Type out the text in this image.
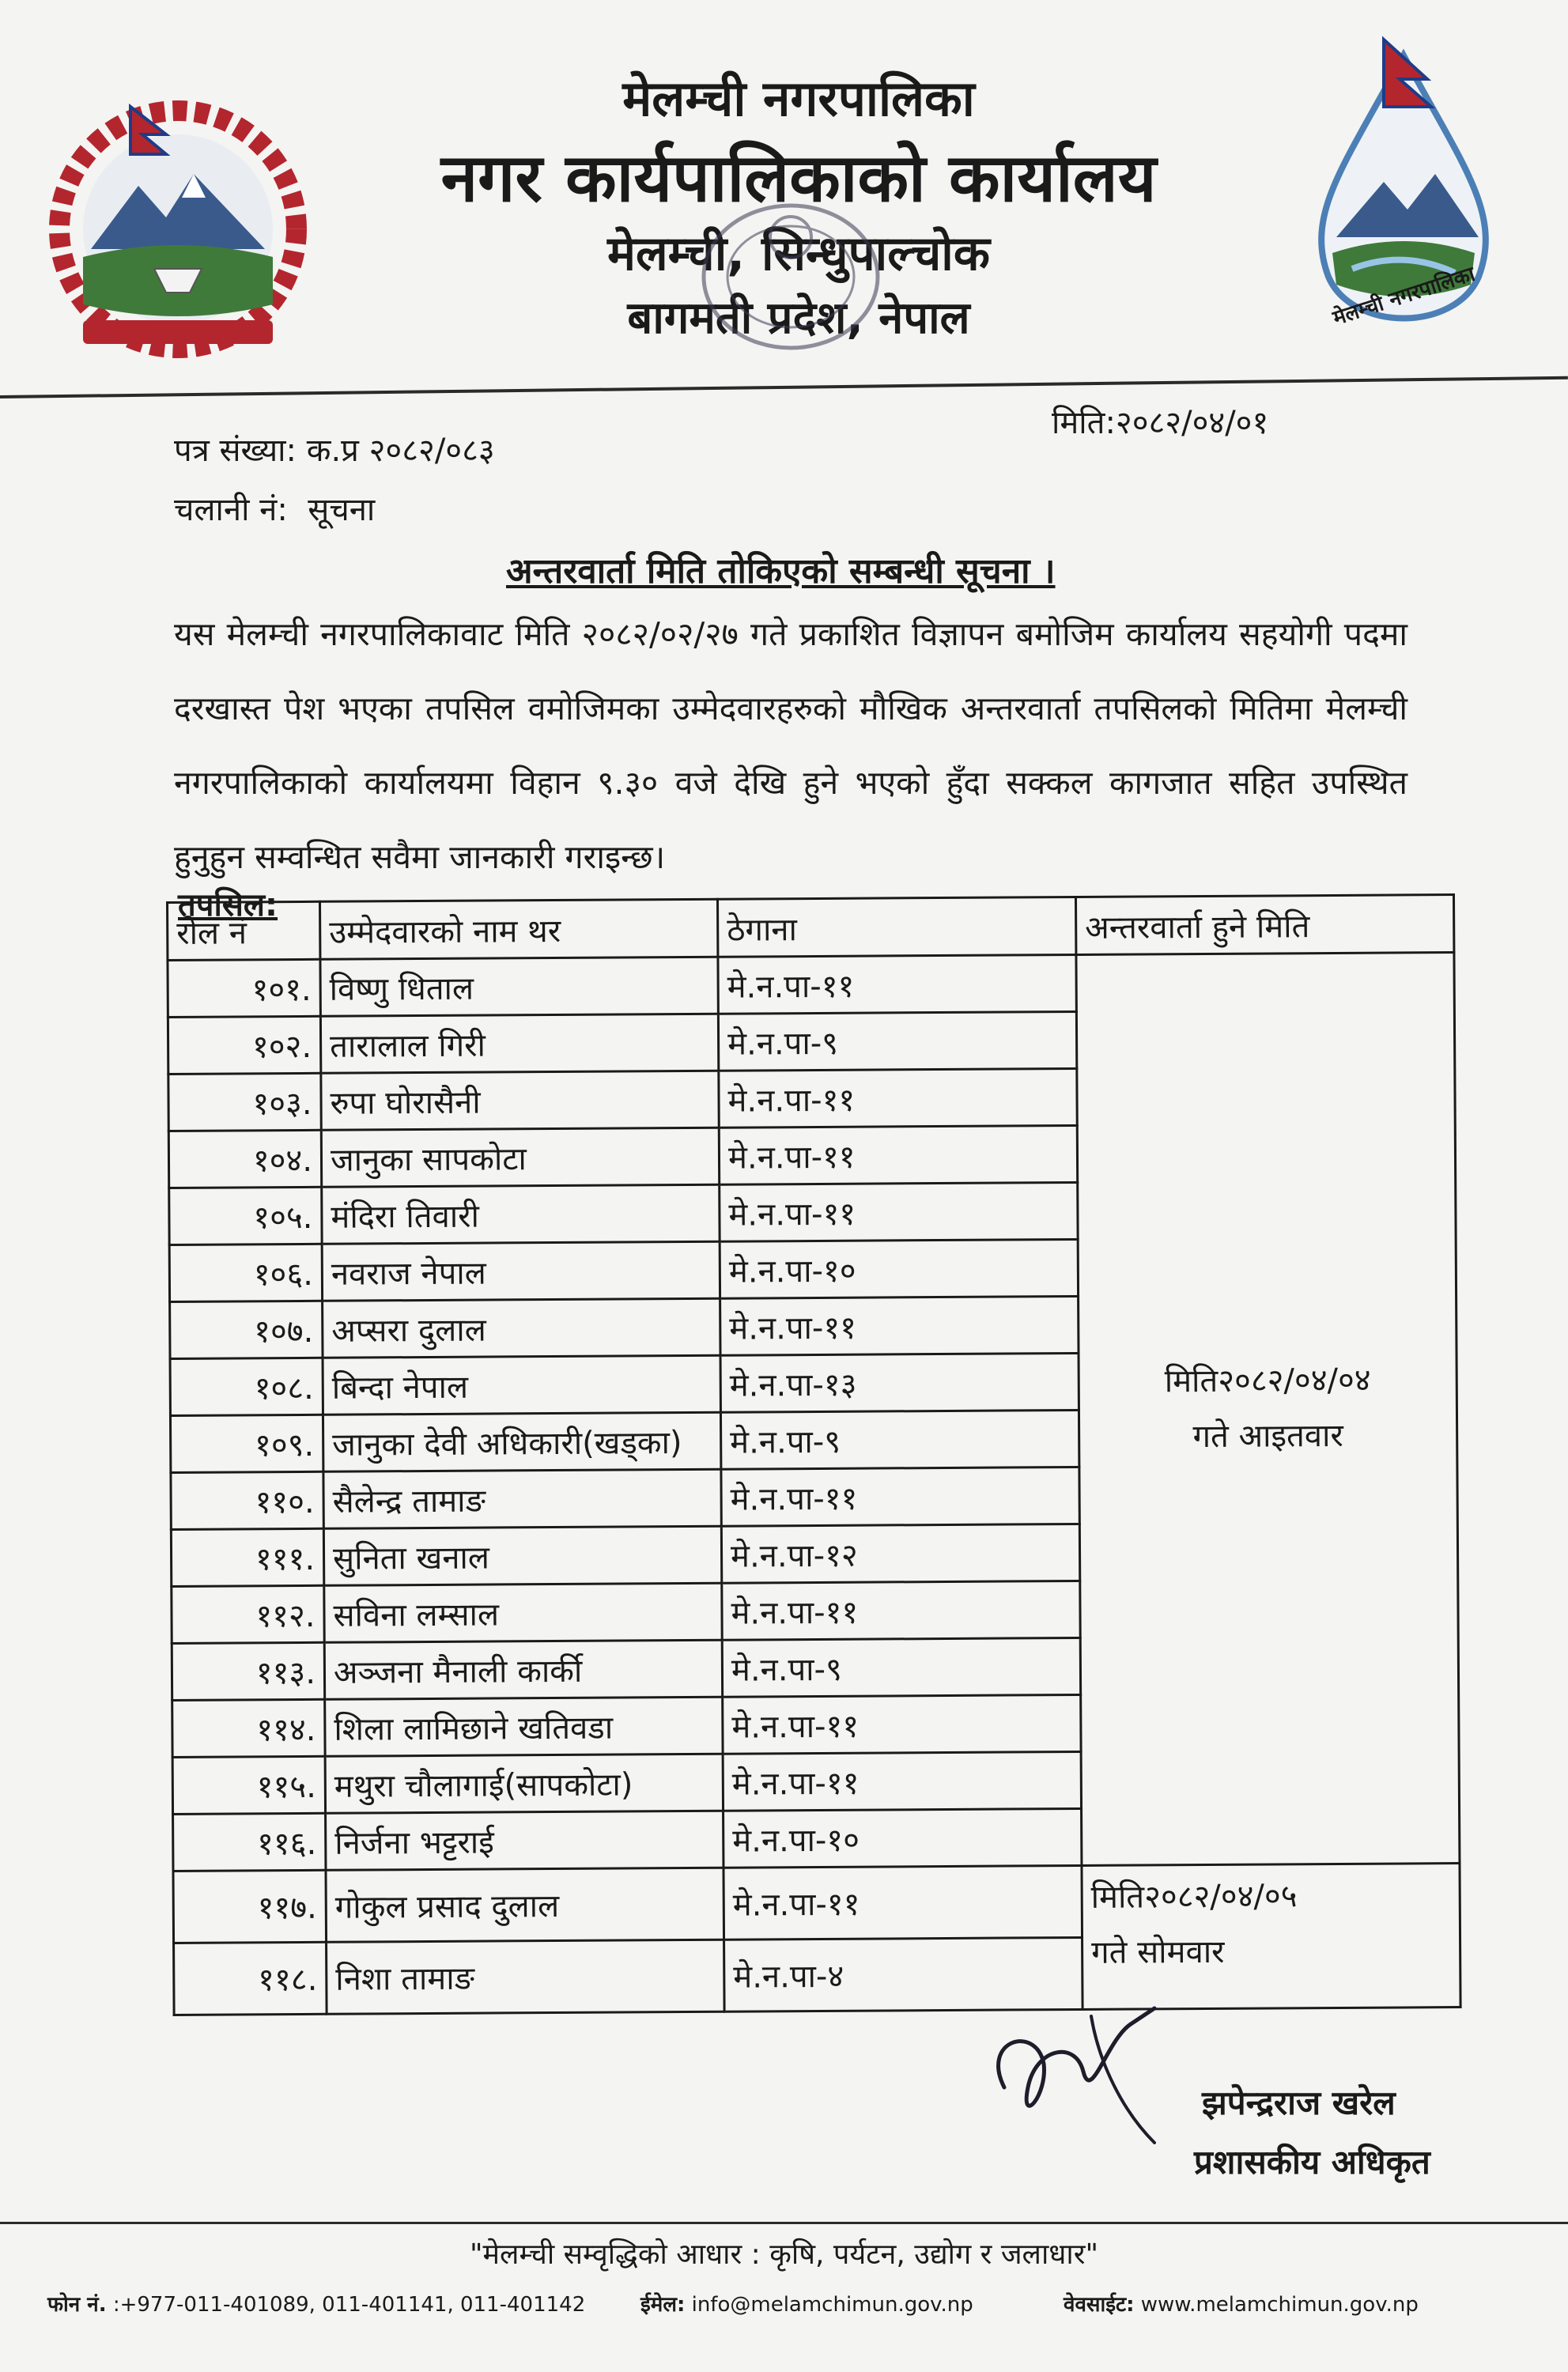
मेलम्ची नगरपालिका
मेलम्ची नगरपालिका
नगर कार्यपालिकाको कार्यालय
मेलम्ची, सिन्धुपाल्चोक
बागमती प्रदेश, नेपाल
पत्र संख्या: क.प्र २०८२/०८३
मिति:२०८२/०४/०१
चलानी नं: सूचना
अन्तरवार्ता मिति तोकिएको सम्बन्धी सूचना ।
यस मेलम्ची नगरपालिकावाट मिति २०८२/०२/२७ गते प्रकाशित विज्ञापन बमोजिम कार्यालय सहयोगी पदमा दरखास्त पेश भएका तपसिल वमोजिमका उम्मेदवारहरुको मौखिक अन्तरवार्ता तपसिलको मितिमा मेलम्ची नगरपालिकाको कार्यालयमा विहान ९.३० वजे देखि हुने भएको हुँदा सक्कल कागजात सहित उपस्थित हुनुहुन सम्वन्धित सवैमा जानकारी गराइन्छ।
तपसिल:
रोल नं	उम्मेदवारको नाम थर	ठेगाना	अन्तरवार्ता हुने मिति
१०१.	विष्णु धिताल	मे.न.पा-११	मिति२०८२/०४/०४
गते आइतवार

१०२.	तारालाल गिरी	मे.न.पा-९	
१०३.	रुपा घोरासैनी	मे.न.पा-११	
१०४.	जानुका सापकोटा	मे.न.पा-११	
१०५.	मंदिरा तिवारी	मे.न.पा-११	
१०६.	नवराज नेपाल	मे.न.पा-१०	
१०७.	अप्सरा दुलाल	मे.न.पा-११	
१०८.	बिन्दा नेपाल	मे.न.पा-१३	
१०९.	जानुका देवी अधिकारी(खड्का)	मे.न.पा-९	
११०.	सैलेन्द्र तामाङ	मे.न.पा-११	
१११.	सुनिता खनाल	मे.न.पा-१२	
११२.	सविना लम्साल	मे.न.पा-११	
११३.	अञ्जना मैनाली कार्की	मे.न.पा-९	
११४.	शिला लामिछाने खतिवडा	मे.न.पा-११	
११५.	मथुरा चौलागाई(सापकोटा)	मे.न.पा-११	
११६.	निर्जना भट्टराई	मे.न.पा-१०	
११७.	गोकुल प्रसाद दुलाल	मे.न.पा-११	मिति२०८२/०४/०५
गते सोमवार

११८.	निशा तामाङ	मे.न.पा-४	
झपेन्द्रराज खरेल
प्रशासकीय अधिकृत
"मेलम्ची सम्वृद्धिको आधार : कृषि, पर्यटन, उद्योग र जलाधार"
फोन नं. :+977-011-401089, 011-401141, 011-401142	ईमेल: info@melamchimun.gov.np	वेवसाईट: www.melamchimun.gov.np
